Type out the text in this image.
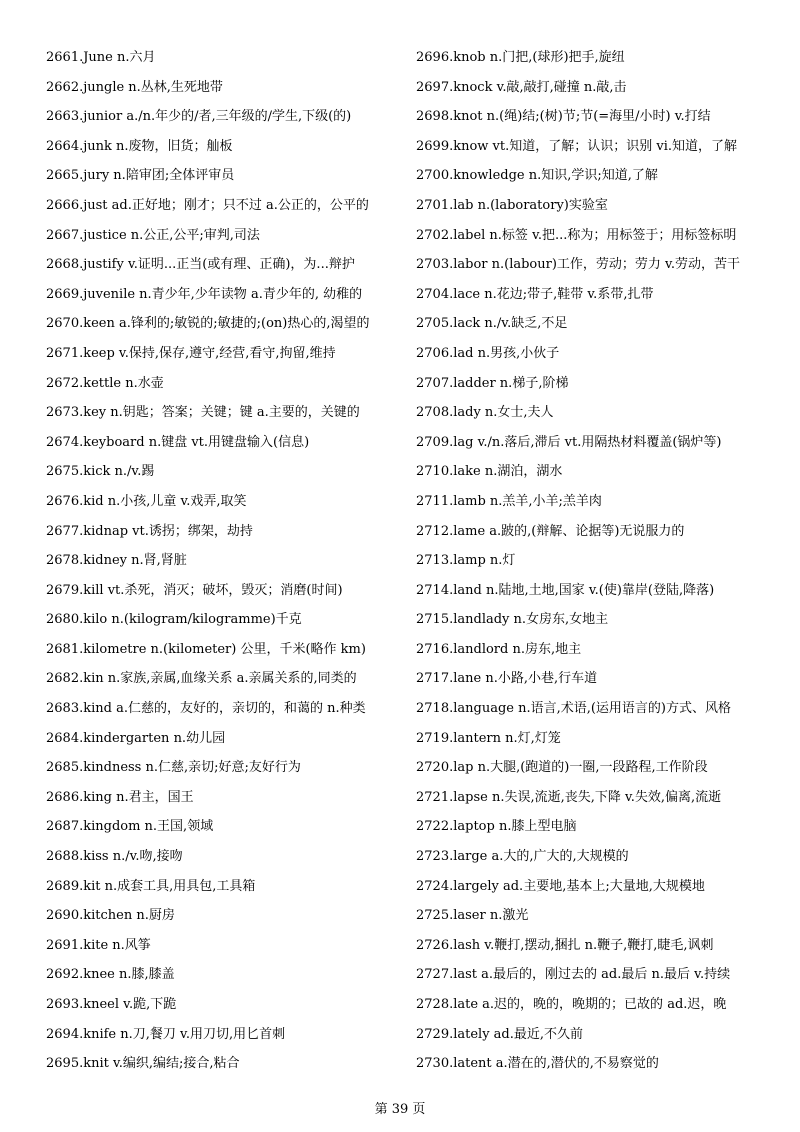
2661.June n.六月
2662.jungle n.丛林,生死地带
2663.junior a./n.年少的/者,三年级的/学生,下级(的)
2664.junk n.废物，旧货；舢板
2665.jury n.陪审团;全体评审员
2666.just ad.正好地；刚才；只不过 a.公正的，公平的
2667.justice n.公正,公平;审判,司法
2668.justify v.证明...正当(或有理、正确)，为...辩护
2669.juvenile n.青少年,少年读物 a.青少年的, 幼稚的
2670.keen a.锋利的;敏锐的;敏捷的;(on)热心的,渴望的
2671.keep v.保持,保存,遵守,经营,看守,拘留,维持
2672.kettle n.水壶
2673.key n.钥匙；答案；关键；键 a.主要的，关键的
2674.keyboard n.键盘 vt.用键盘输入(信息)
2675.kick n./v.踢
2676.kid n.小孩,儿童 v.戏弄,取笑
2677.kidnap vt.诱拐；绑架，劫持
2678.kidney n.肾,肾脏
2679.kill vt.杀死，消灭；破坏，毁灭；消磨(时间)
2680.kilo n.(kilogram/kilogramme)千克
2681.kilometre n.(kilometer) 公里，千米(略作 km)
2682.kin n.家族,亲属,血缘关系 a.亲属关系的,同类的
2683.kind a.仁慈的，友好的，亲切的，和蔼的 n.种类
2684.kindergarten n.幼儿园
2685.kindness n.仁慈,亲切;好意;友好行为
2686.king n.君主，国王
2687.kingdom n.王国,领域
2688.kiss n./v.吻,接吻
2689.kit n.成套工具,用具包,工具箱
2690.kitchen n.厨房
2691.kite n.风筝
2692.knee n.膝,膝盖
2693.kneel v.跪,下跪
2694.knife n.刀,餐刀 v.用刀切,用匕首刺
2695.knit v.编织,编结;接合,粘合
2696.knob n.门把,(球形)把手,旋纽
2697.knock v.敲,敲打,碰撞 n.敲,击
2698.knot n.(绳)结;(树)节;节(=海里/小时) v.打结
2699.know vt.知道，了解；认识；识别 vi.知道，了解
2700.knowledge n.知识,学识;知道,了解
2701.lab n.(laboratory)实验室
2702.label n.标签 v.把...称为；用标签于；用标签标明
2703.labor n.(labour)工作，劳动；劳力 v.劳动，苦干
2704.lace n.花边;带子,鞋带 v.系带,扎带
2705.lack n./v.缺乏,不足
2706.lad n.男孩,小伙子
2707.ladder n.梯子,阶梯
2708.lady n.女士,夫人
2709.lag v./n.落后,滞后 vt.用隔热材料覆盖(锅炉等)
2710.lake n.湖泊，湖水
2711.lamb n.羔羊,小羊;羔羊肉
2712.lame a.跛的,(辩解、论据等)无说服力的
2713.lamp n.灯
2714.land n.陆地,土地,国家 v.(使)靠岸(登陆,降落)
2715.landlady n.女房东,女地主
2716.landlord n.房东,地主
2717.lane n.小路,小巷,行车道
2718.language n.语言,术语,(运用语言的)方式、风格
2719.lantern n.灯,灯笼
2720.lap n.大腿,(跑道的)一圈,一段路程,工作阶段
2721.lapse n.失误,流逝,丧失,下降 v.失效,偏离,流逝
2722.laptop n.膝上型电脑
2723.large a.大的,广大的,大规模的
2724.largely ad.主要地,基本上;大量地,大规模地
2725.laser n.激光
2726.lash v.鞭打,摆动,捆扎 n.鞭子,鞭打,睫毛,讽刺
2727.last a.最后的，刚过去的 ad.最后 n.最后 v.持续
2728.late a.迟的，晚的，晚期的；已故的 ad.迟，晚
2729.lately ad.最近,不久前
2730.latent a.潜在的,潜伏的,不易察觉的
第 39 页
